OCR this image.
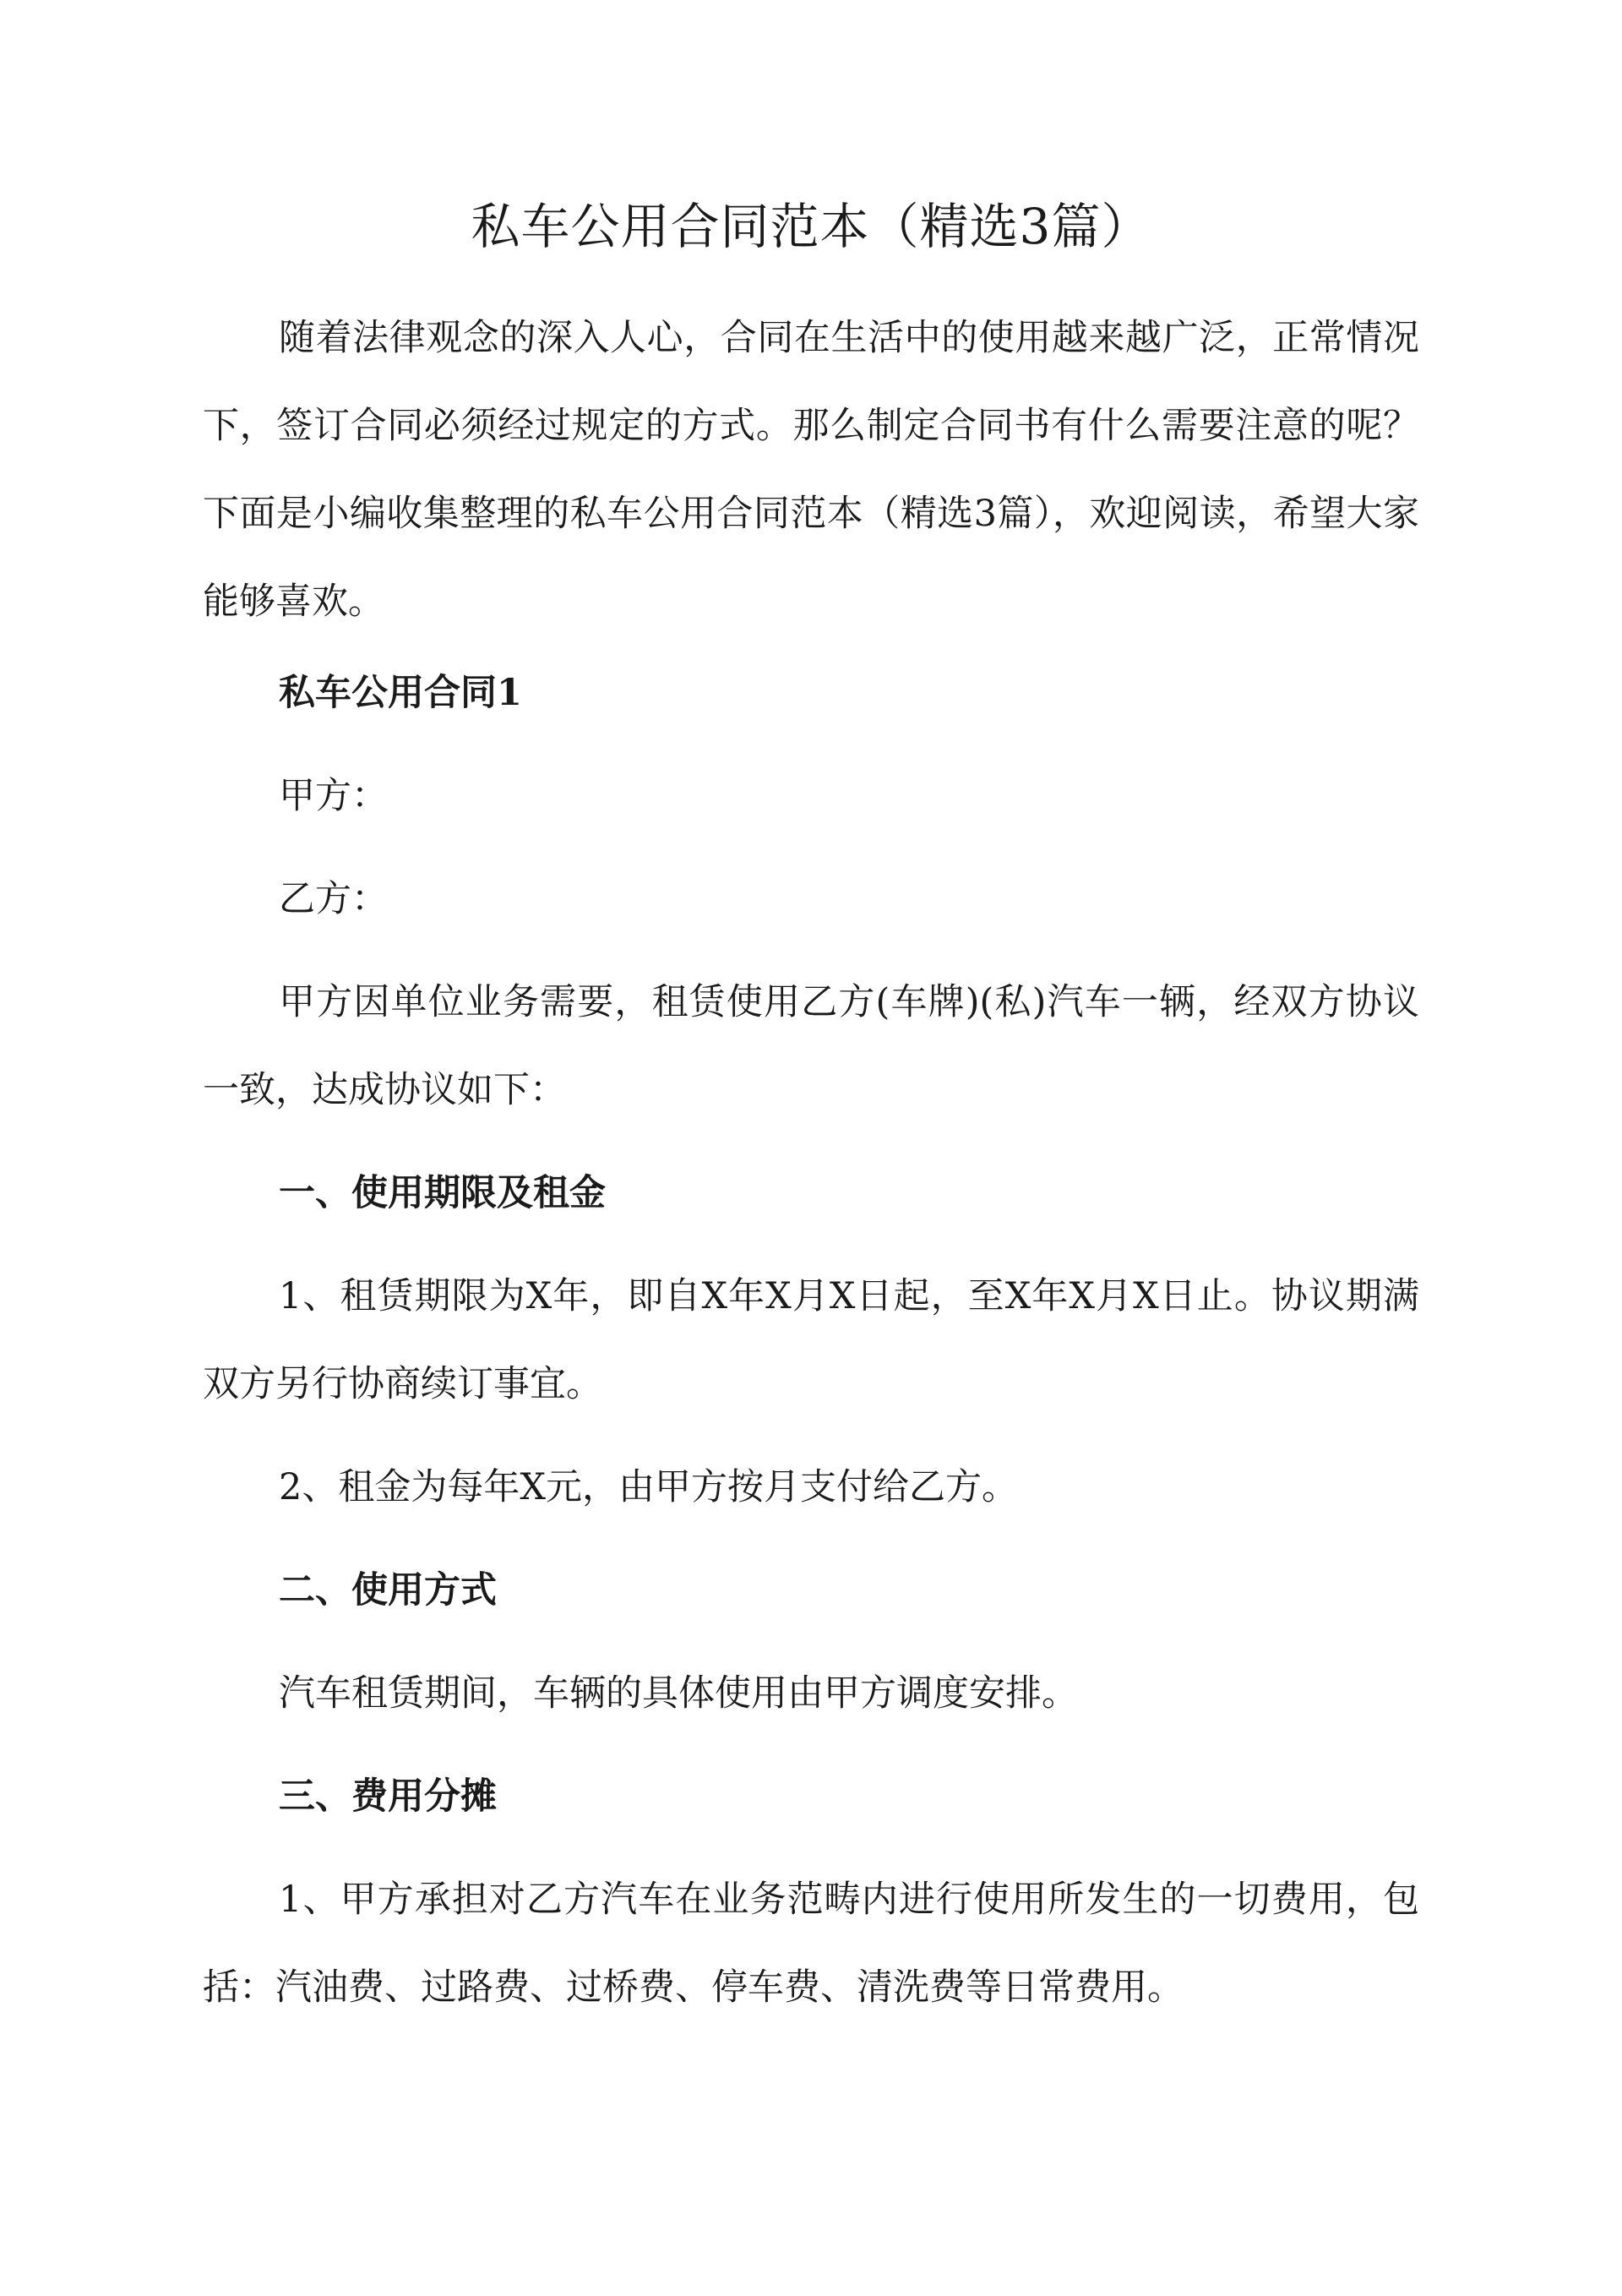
私车公用合同范本（精选3篇）

随着法律观念的深入人心，合同在生活中的使用越来越广泛，正常情况下，签订合同必须经过规定的方式。那么制定合同书有什么需要注意的呢？下面是小编收集整理的私车公用合同范本（精选3篇），欢迎阅读，希望大家能够喜欢。

私车公用合同1

甲方：

乙方：

甲方因单位业务需要，租赁使用乙方(车牌)(私)汽车一辆，经双方协议一致，达成协议如下：

一、使用期限及租金

1、租赁期限为X年，即自X年X月X日起，至X年X月X日止。协议期满双方另行协商续订事宜。

2、租金为每年X元，由甲方按月支付给乙方。

二、使用方式

汽车租赁期间，车辆的具体使用由甲方调度安排。

三、费用分摊

1、甲方承担对乙方汽车在业务范畴内进行使用所发生的一切费用，包括：汽油费、过路费、过桥费、停车费、清洗费等日常费用。
